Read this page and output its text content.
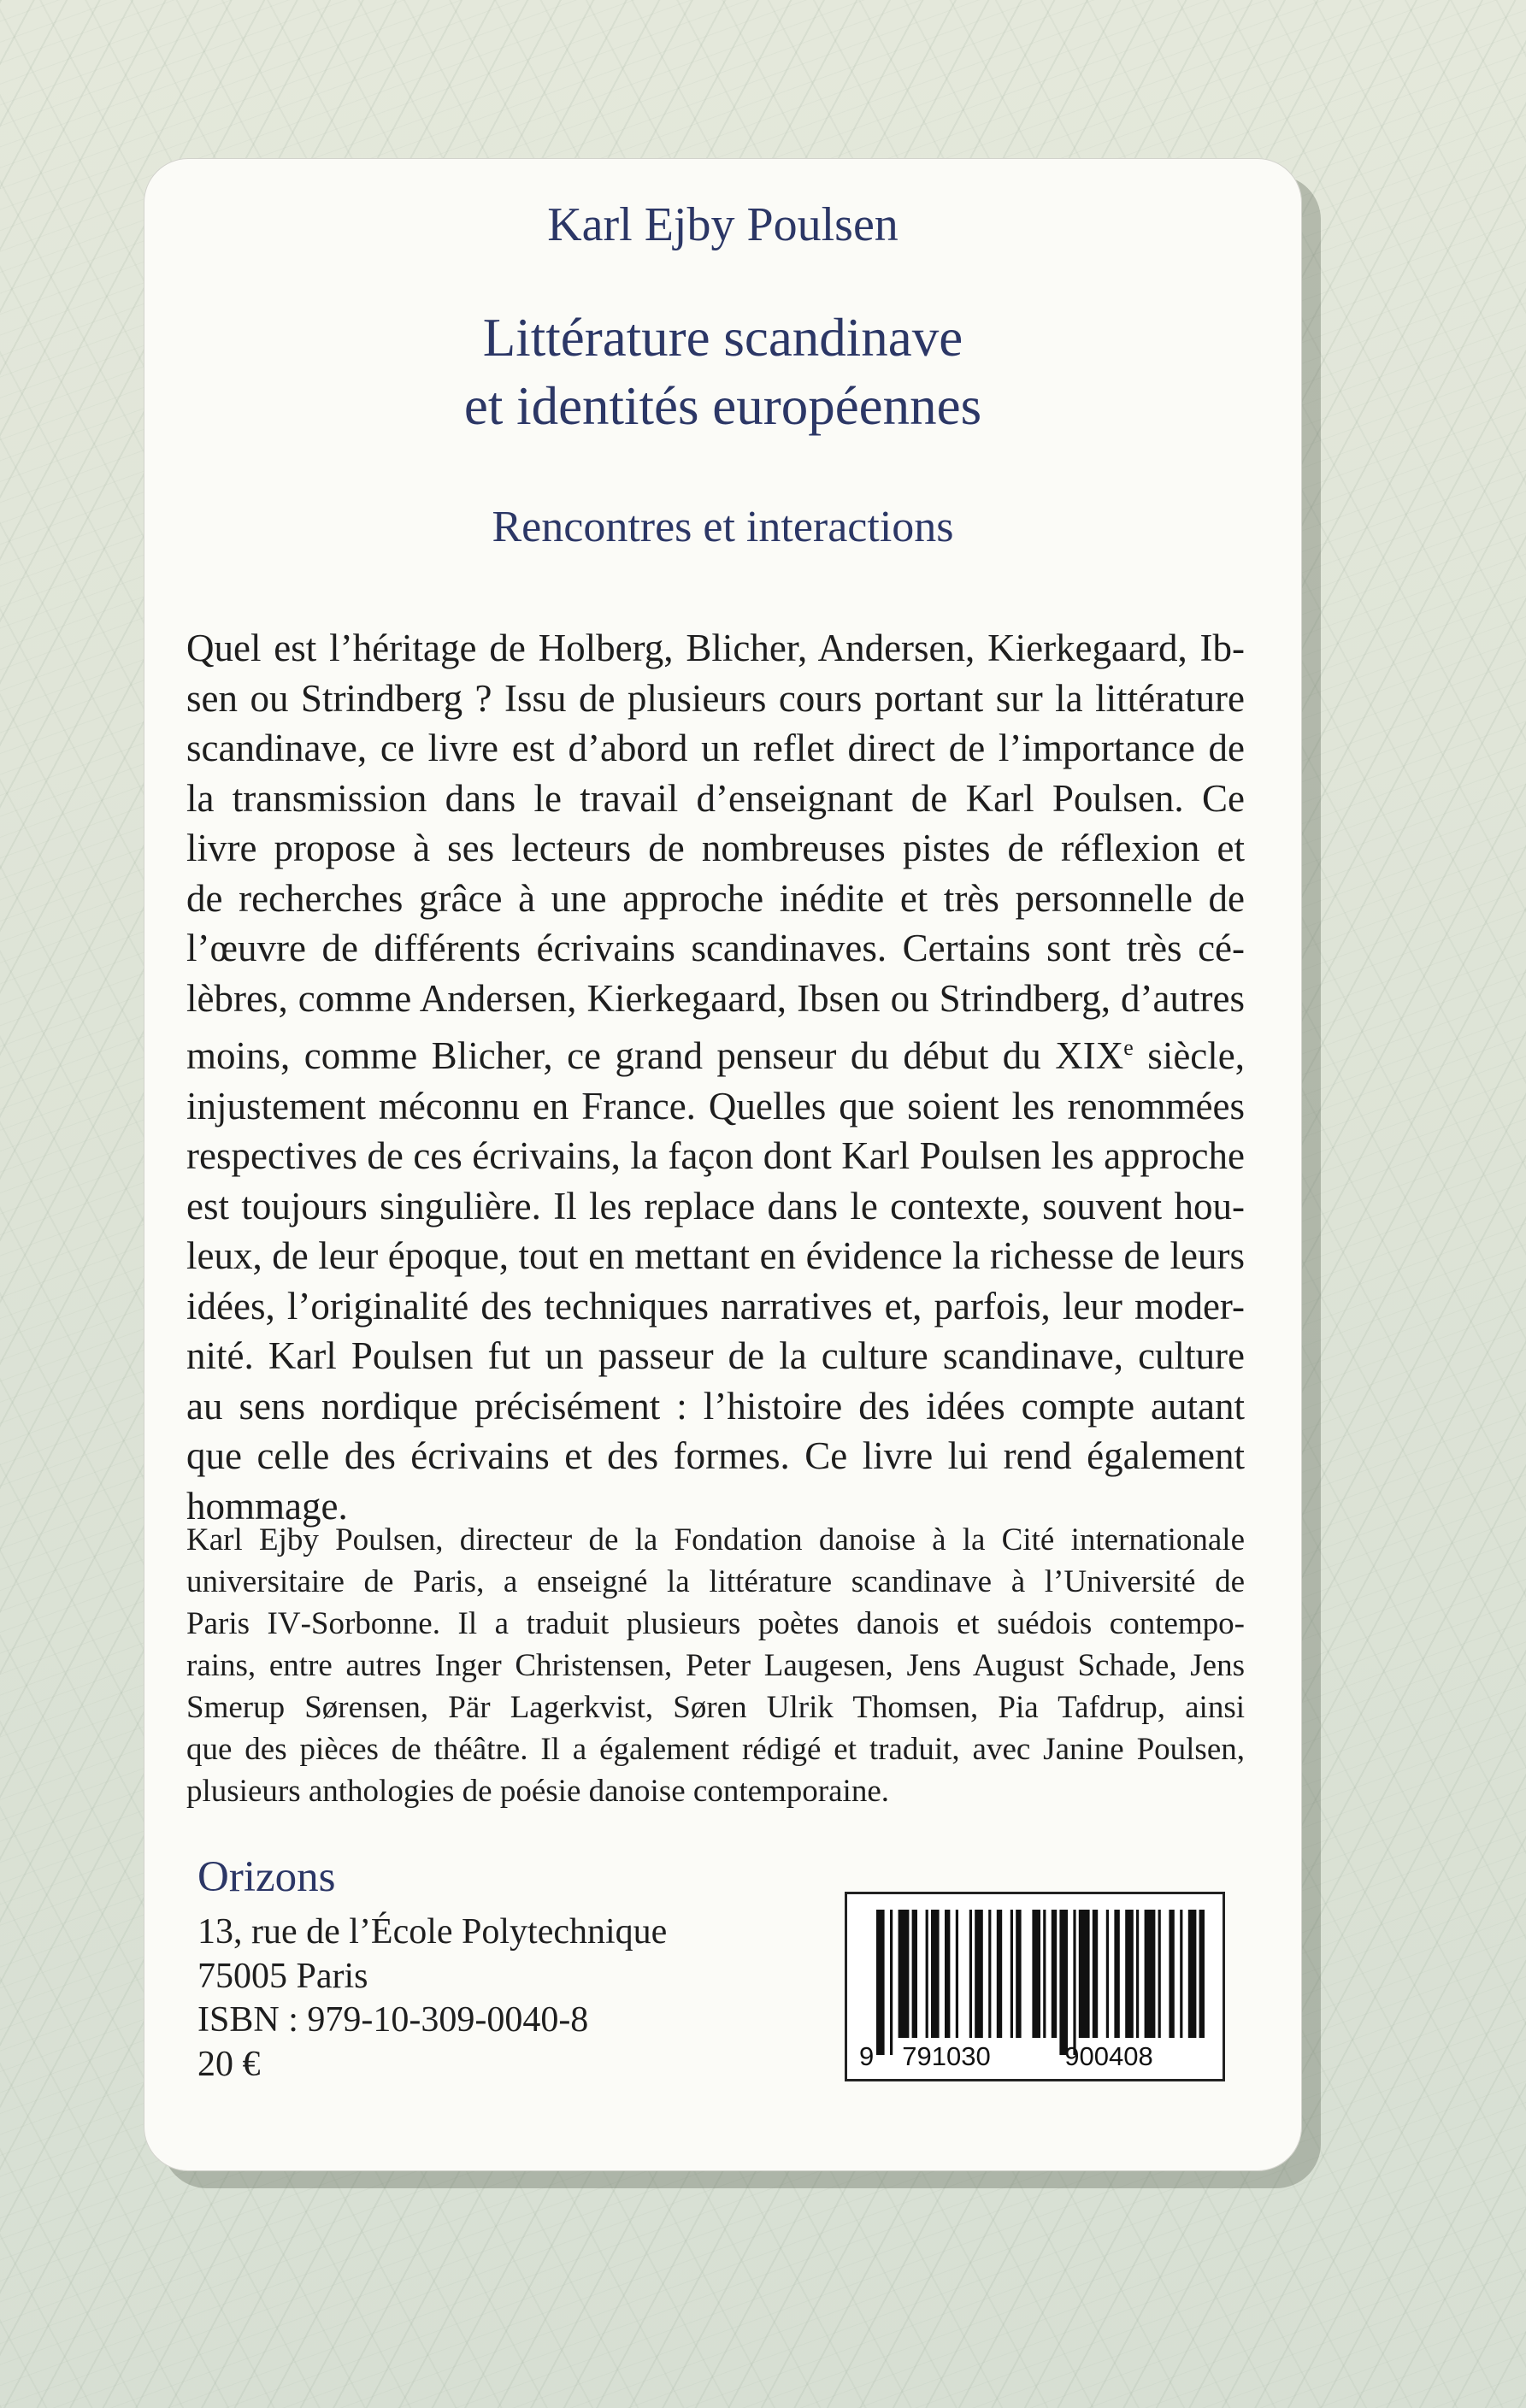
Karl Ejby Poulsen
Littérature scandinave
et identités européennes
Rencontres et interactions
Quel est l’héritage de Holberg, Blicher, Andersen, Kierkegaard, Ib-
sen ou Strindberg ? Issu de plusieurs cours portant sur la littérature
scandinave, ce livre est d’abord un reflet direct de l’importance de
la transmission dans le travail d’enseignant de Karl Poulsen. Ce
livre propose à ses lecteurs de nombreuses pistes de réflexion et
de recherches grâce à une approche inédite et très personnelle de
l’œuvre de différents écrivains scandinaves. Certains sont très cé-
lèbres, comme Andersen, Kierkegaard, Ibsen ou Strindberg, d’autres
moins, comme Blicher, ce grand penseur du début du XIXe siècle,
injustement méconnu en France. Quelles que soient les renommées
respectives de ces écrivains, la façon dont Karl Poulsen les approche
est toujours singulière. Il les replace dans le contexte, souvent hou-
leux, de leur époque, tout en mettant en évidence la richesse de leurs
idées, l’originalité des techniques narratives et, parfois, leur moder-
nité. Karl Poulsen fut un passeur de la culture scandinave, culture
au sens nordique précisément : l’histoire des idées compte autant
que celle des écrivains et des formes. Ce livre lui rend également
hommage.
Karl Ejby Poulsen, directeur de la Fondation danoise à la Cité internationale
universitaire de Paris, a enseigné la littérature scandinave à l’Université de
Paris IV-Sorbonne. Il a traduit plusieurs poètes danois et suédois contempo-
rains, entre autres Inger Christensen, Peter Laugesen, Jens August Schade, Jens
Smerup Sørensen, Pär Lagerkvist, Søren Ulrik Thomsen, Pia Tafdrup, ainsi
que des pièces de théâtre. Il a également rédigé et traduit, avec Janine Poulsen,
plusieurs anthologies de poésie danoise contemporaine.
Orizons
13, rue de l’École Polytechnique
75005 Paris
ISBN : 979-10-309-0040-8
20 €	9 791030	900408
